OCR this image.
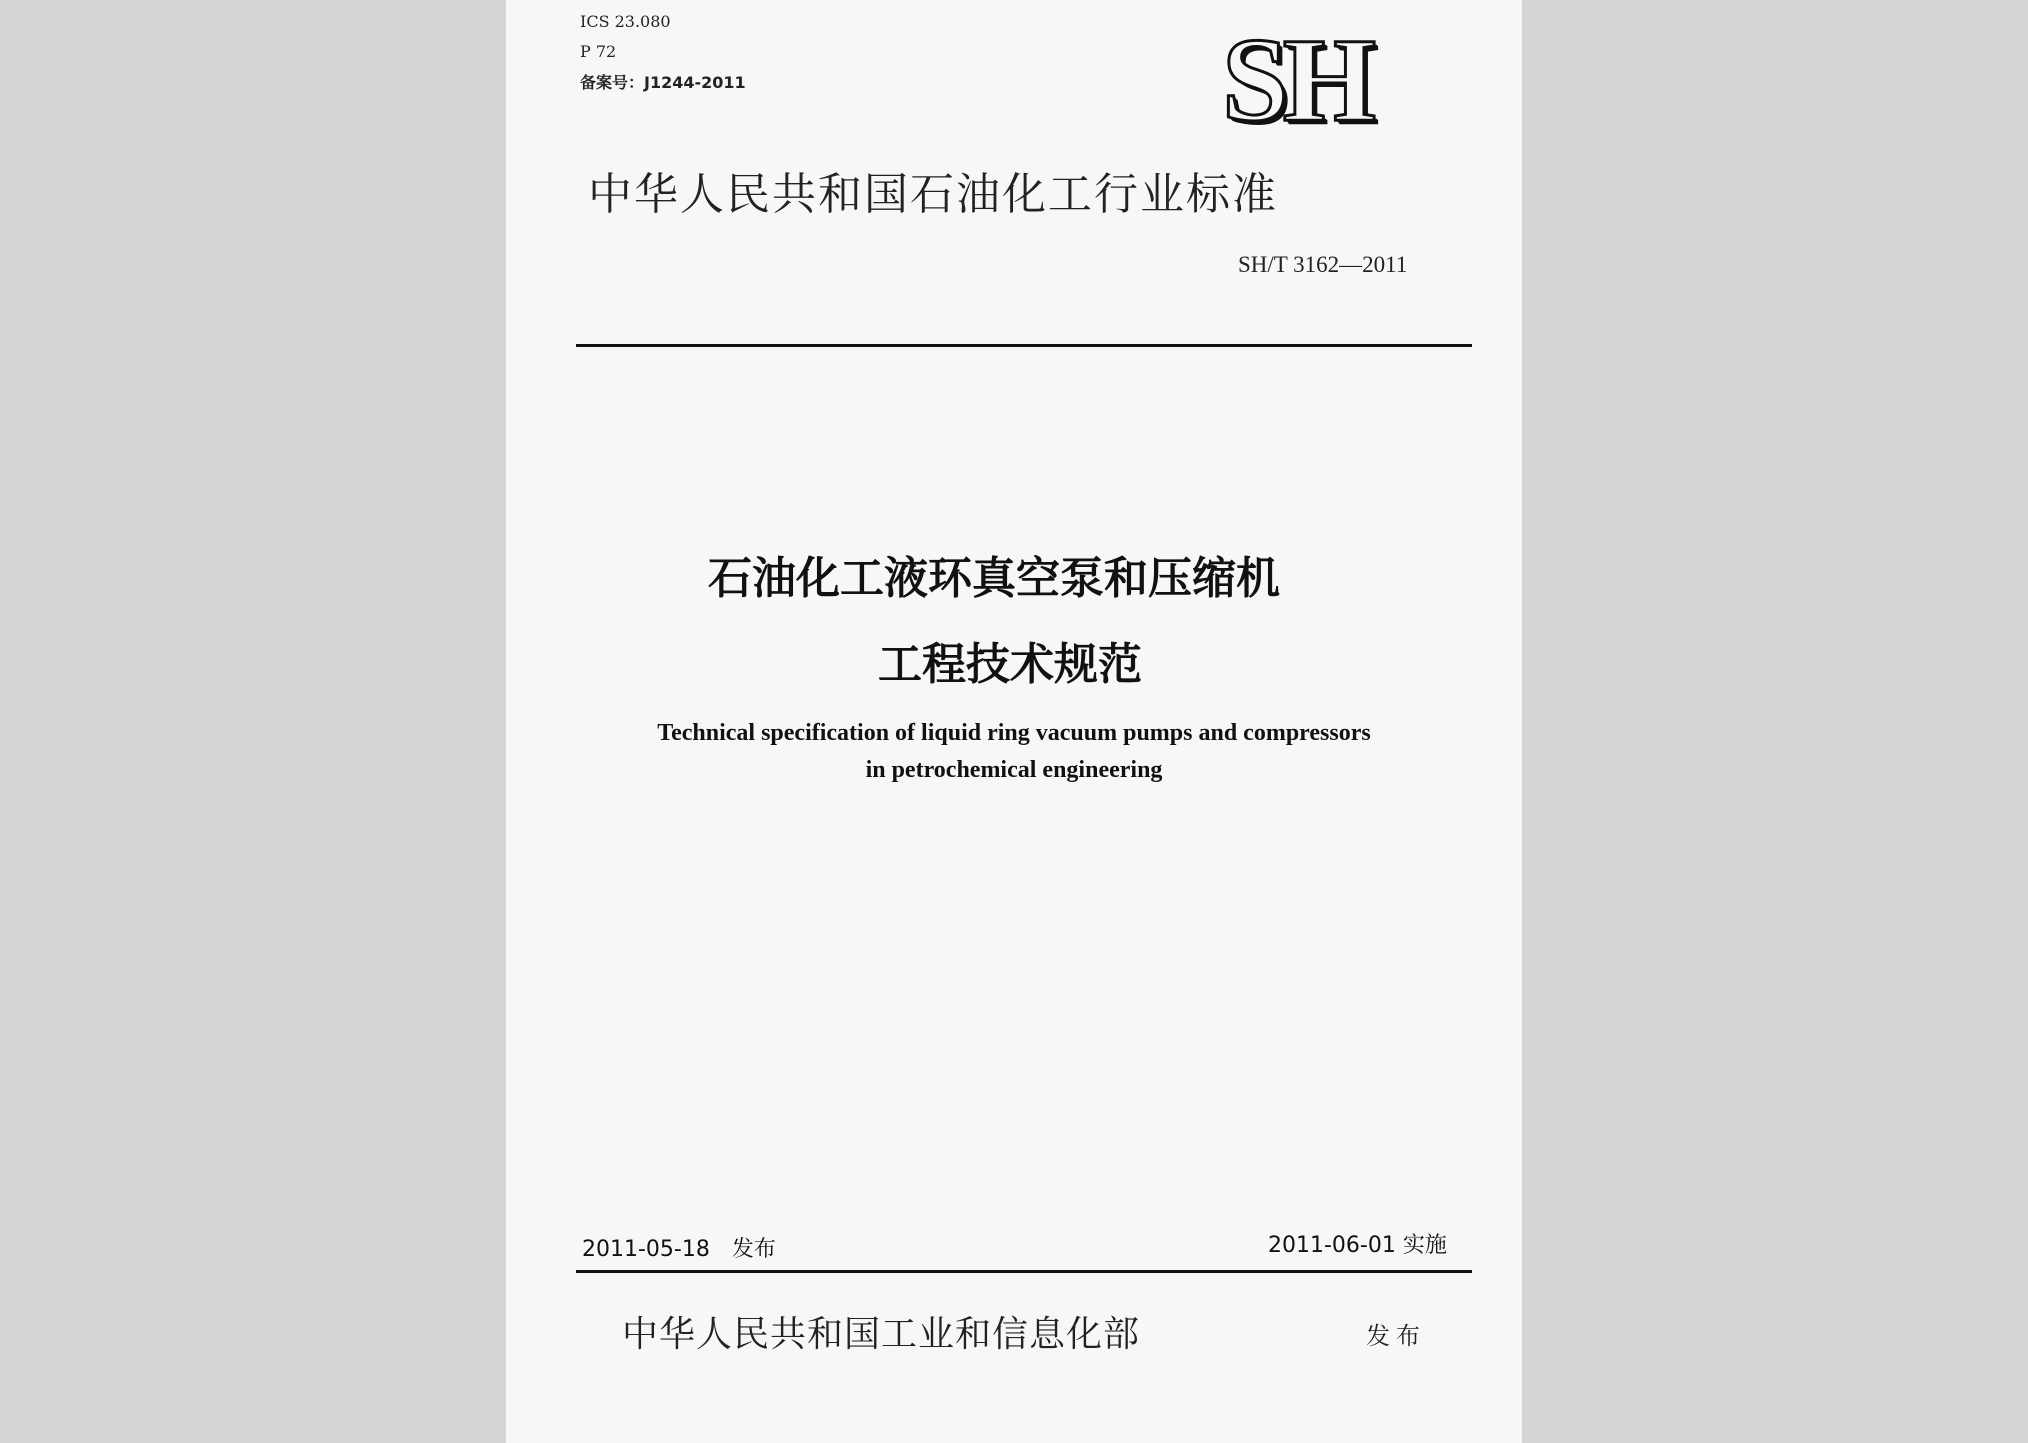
ICS 23.080

P 72

备案号：J1244-2011	SH

中华人民共和国石油化工行业标准

SH/T 3162—2011

石油化工液环真空泵和压缩机

工程技术规范

Technical specification of liquid ring vacuum pumps and compressors

in petrochemical engineering

2011-05-18　发布	2011-06-01 实施

中华人民共和国工业和信息化部	发布
